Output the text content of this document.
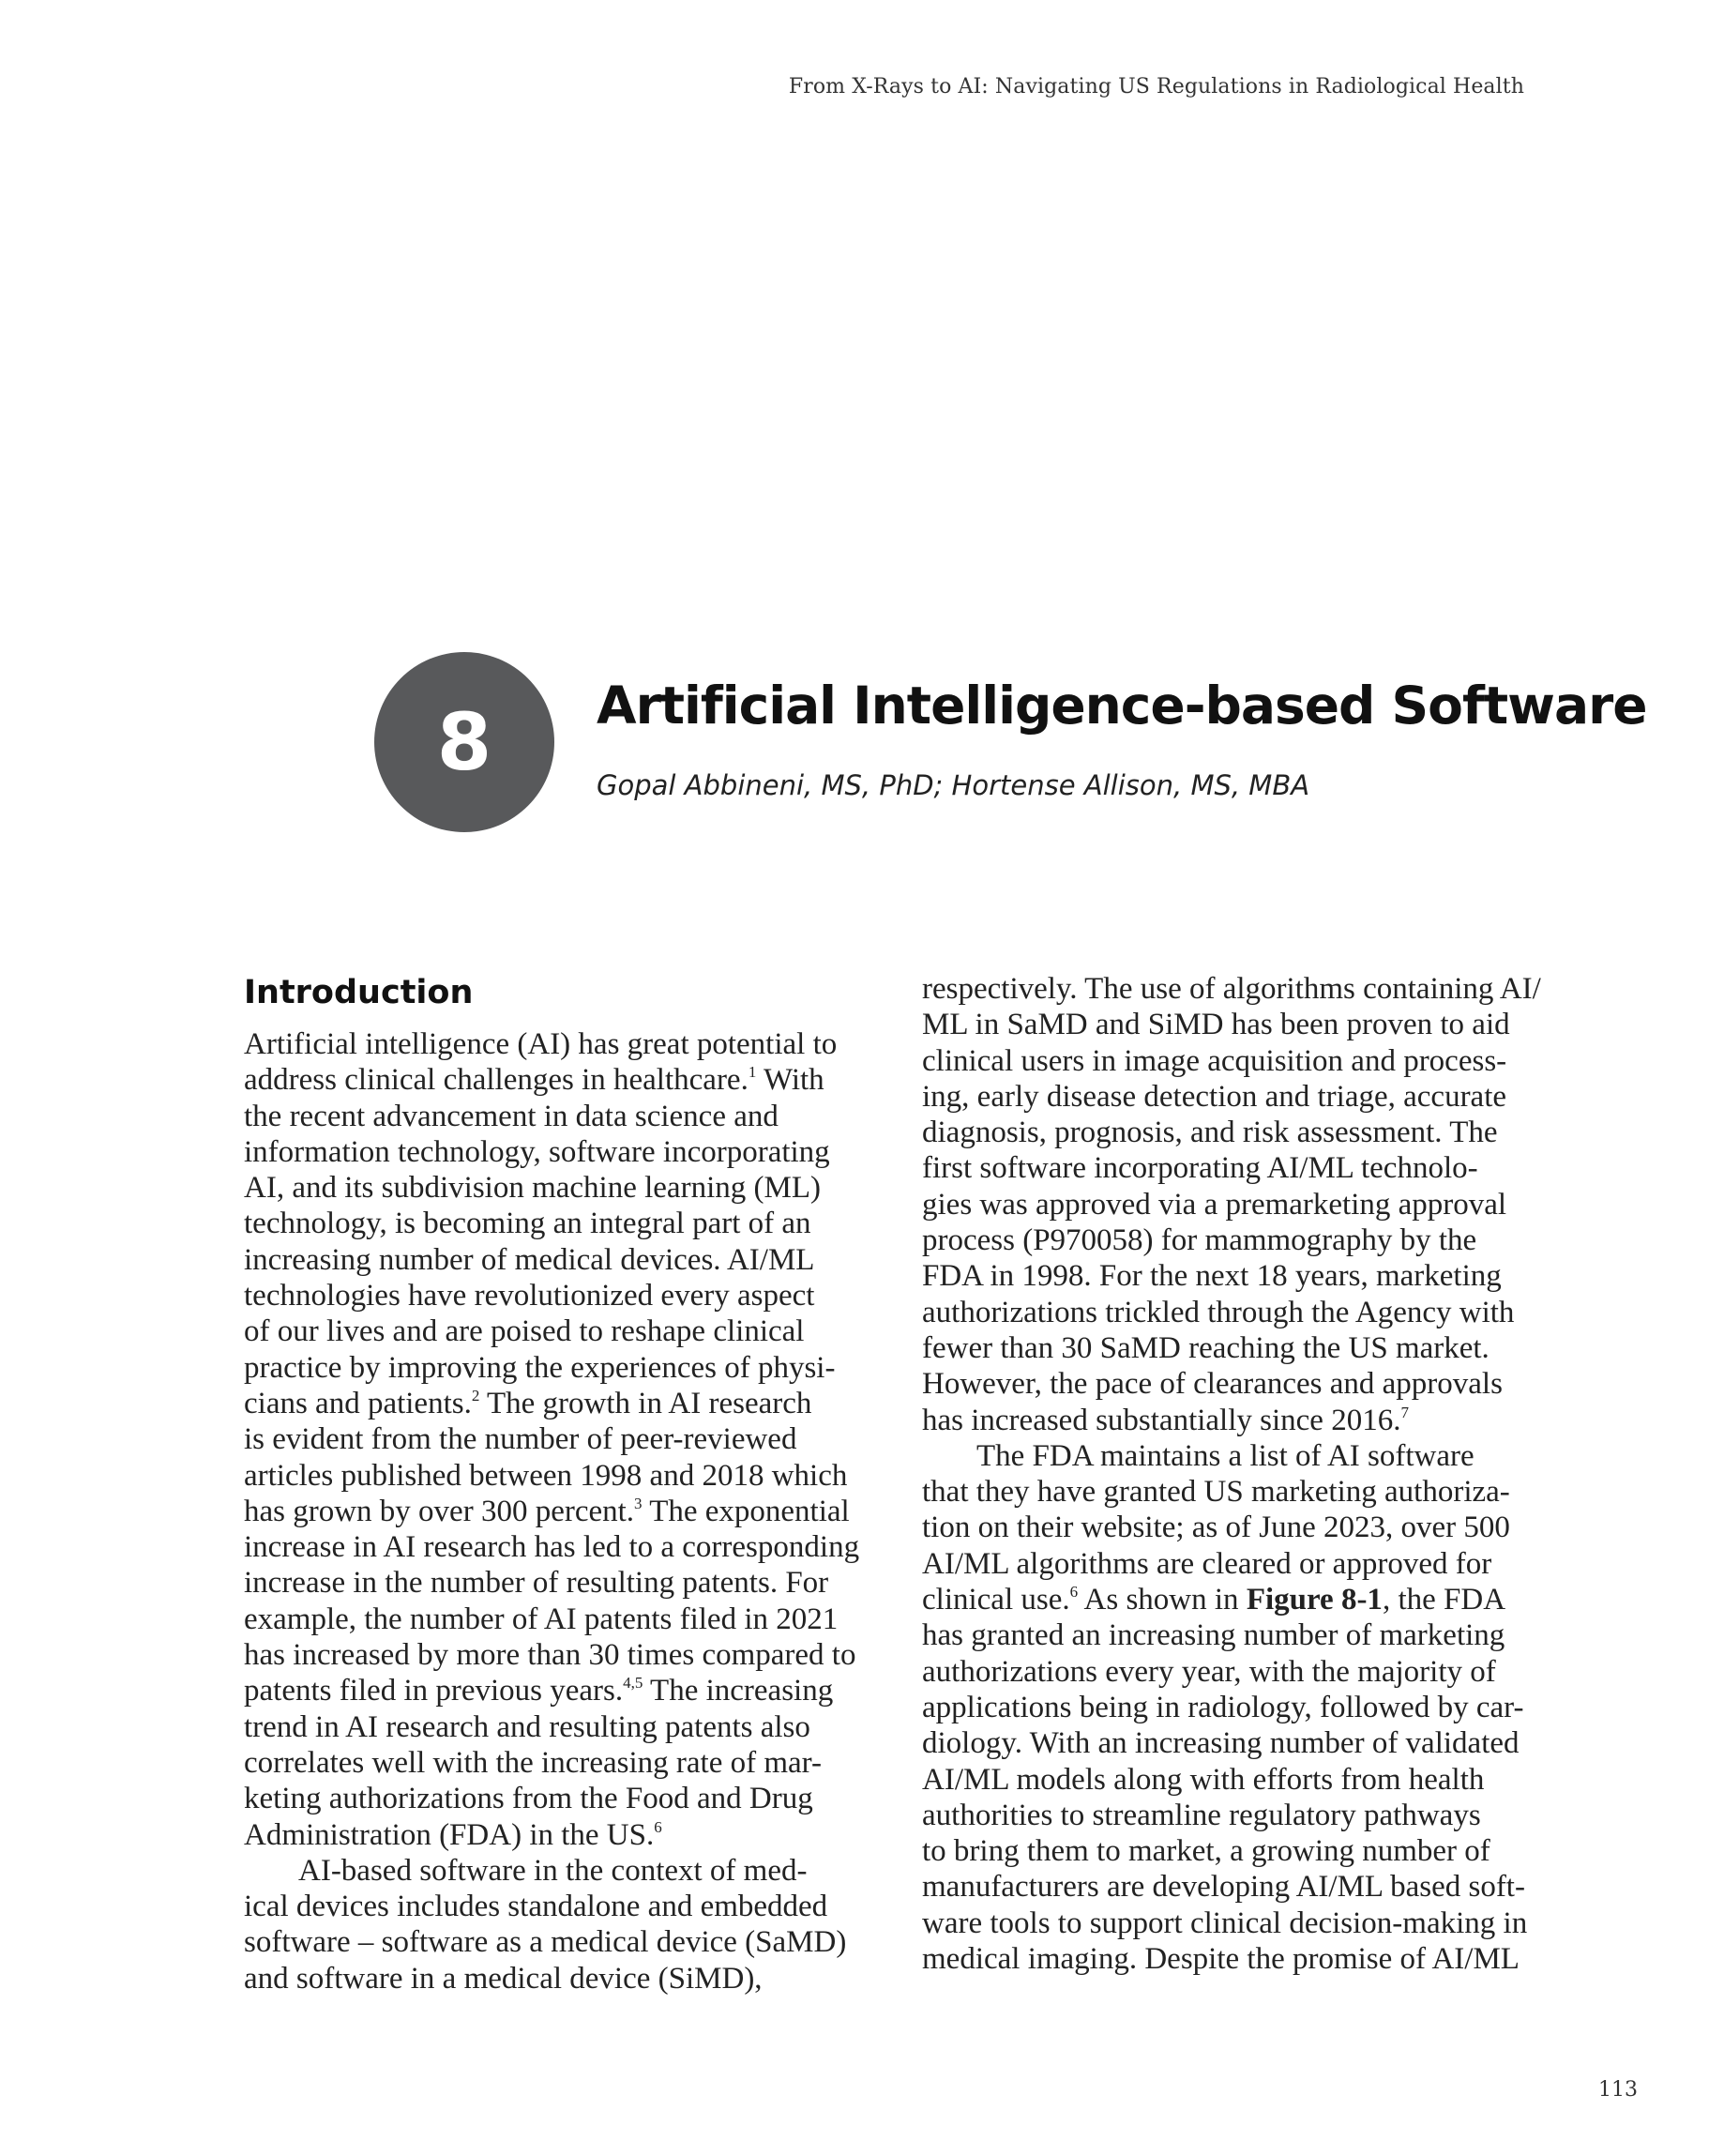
From X-Rays to AI: Navigating US Regulations in Radiological Health
8	Artificial Intelligence-based Software

Gopal Abbineni, MS, PhD; Hortense Allison, MS, MBA

Introduction
Artificial intelligence (AI) has great potential to
address clinical challenges in healthcare.$^1$ With
the recent advancement in data science and
information technology, software incorporating
AI, and its subdivision machine learning (ML)
technology, is becoming an integral part of an
increasing number of medical devices. AI/ML
technologies have revolutionized every aspect
of our lives and are poised to reshape clinical
practice by improving the experiences of physi-
cians and patients.$^2$ The growth in AI research
is evident from the number of peer-reviewed
articles published between 1998 and 2018 which
has grown by over 300 percent.$^3$ The exponential
increase in AI research has led to a corresponding
increase in the number of resulting patents. For
example, the number of AI patents filed in 2021
has increased by more than 30 times compared to
patents filed in previous years.$^{4,5}$ The increasing
trend in AI research and resulting patents also
correlates well with the increasing rate of mar-
keting authorizations from the Food and Drug
Administration (FDA) in the US.$^6$
AI-based software in the context of med-
ical devices includes standalone and embedded
software – software as a medical device (SaMD)
and software in a medical device (SiMD),
respectively. The use of algorithms containing AI/
ML in SaMD and SiMD has been proven to aid
clinical users in image acquisition and process-
ing, early disease detection and triage, accurate
diagnosis, prognosis, and risk assessment. The
first software incorporating AI/ML technolo-
gies was approved via a premarketing approval
process (P970058) for mammography by the
FDA in 1998. For the next 18 years, marketing
authorizations trickled through the Agency with
fewer than 30 SaMD reaching the US market.
However, the pace of clearances and approvals
has increased substantially since 2016.$^7$
The FDA maintains a list of AI software
that they have granted US marketing authoriza-
tion on their website; as of June 2023, over 500
AI/ML algorithms are cleared or approved for
clinical use.$^6$ As shown in Figure 8-1, the FDA
has granted an increasing number of marketing
authorizations every year, with the majority of
applications being in radiology, followed by car-
diology. With an increasing number of validated
AI/ML models along with efforts from health
authorities to streamline regulatory pathways
to bring them to market, a growing number of
manufacturers are developing AI/ML based soft-
ware tools to support clinical decision-making in
medical imaging. Despite the promise of AI/ML
113
